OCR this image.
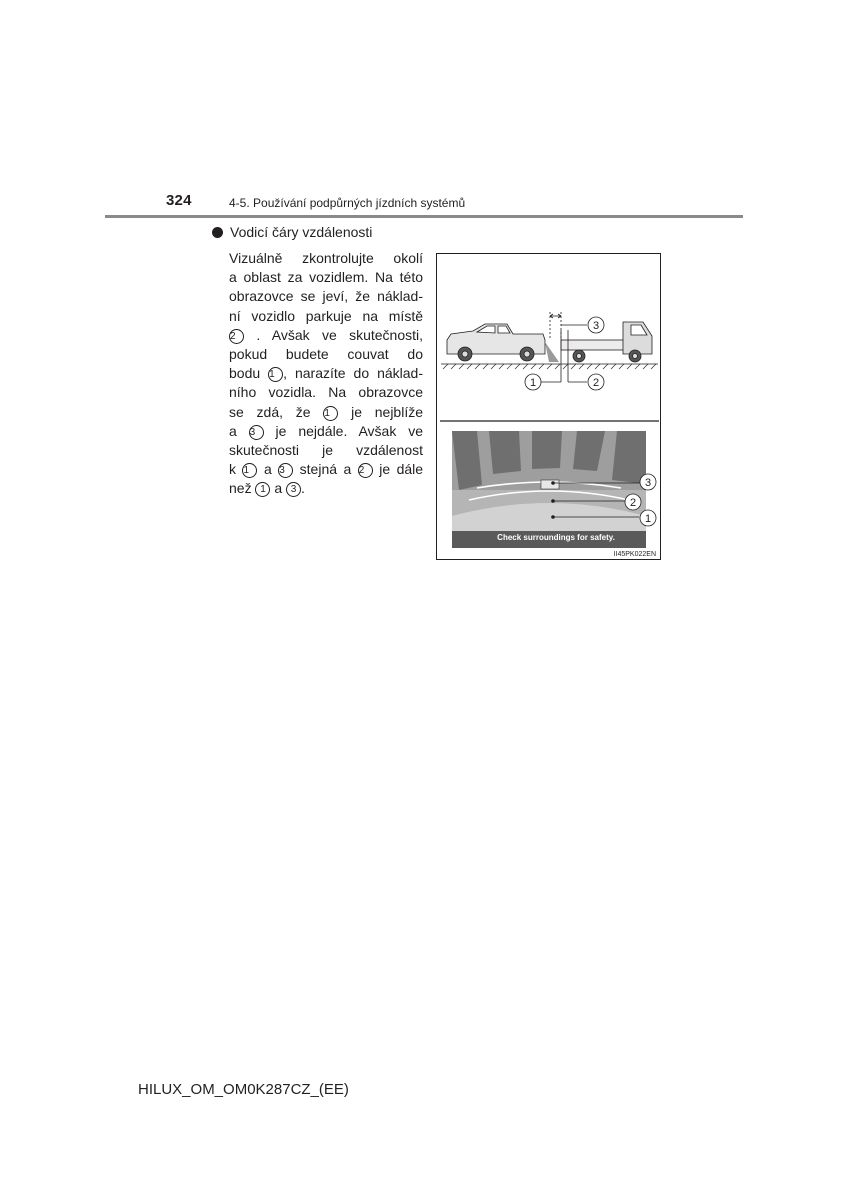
324	4-5. Používání podpůrných jízdních systémů
Vodicí čáry vzdálenosti
Vizuálně zkontrolujte okolí
a oblast za vozidlem. Na této
obrazovce se jeví, že náklad-
ní vozidlo parkuje na místě
2 . Avšak ve skutečnosti,
pokud budete couvat do
bodu 1 , narazíte do náklad-
ního vozidla. Na obrazovce
se zdá, že 1 je nejblíže
a 3 je nejdále. Avšak ve
skutečnosti je vzdálenost
k 1 a 3 stejná a 2 je dále
než 1 a 3 .
3
1	2
3
2
1
Check surroundings for safety.
II45PK022EN
HILUX_OM_OM0K287CZ_(EE)
